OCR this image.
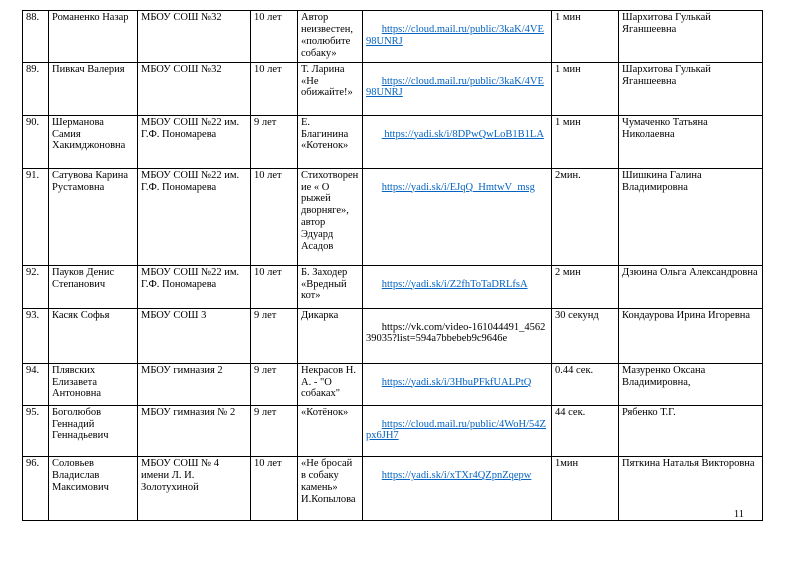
88.	Романенко Назар	МБОУ СОШ №32	10 лет	Автор неизвестен, «полюбите собаку»	https://cloud.mail.ru/public/3kaK/4VE98UNRJ	1 мин	Шархитова Гулькай Яганшеевна
89.	Пивкач Валерия	МБОУ СОШ №32	10 лет	Т. Ларина «Не обижайте!»	https://cloud.mail.ru/public/3kaK/4VE98UNRJ	1 мин	Шархитова Гулькай Яганшеевна
90.	Шерманова Самия Хакимджоновна	МБОУ СОШ №22 им. Г.Ф. Пономарева	9 лет	Е. Благинина «Котенок»	https://yadi.sk/i/8DPwQwLoB1B1LA	1 мин	Чумаченко Татьяна Николаевна
91.	Сатувова Карина Рустамовна	МБОУ СОШ №22 им. Г.Ф. Пономарева	10 лет	Стихотворение « О рыжей дворняге», автор Эдуард Асадов	https://yadi.sk/i/EJqQ_HmtwV_msg	2мин.	Шишкина Галина Владимировна
92.	Пауков Денис Степанович	МБОУ СОШ №22 им. Г.Ф. Пономарева	10 лет	Б. Заходер «Вредный кот»	https://yadi.sk/i/Z2fhToTaDRLfsA	2 мин	Дзюина Ольга Александровна
93.	Касяк Софья	МБОУ СОШ 3	9 лет	Дикарка	https://vk.com/video-161044491_456239035?list=594a7bbebeb9c9646e	30 секунд	Кондаурова Ирина Игоревна
94.	Плявских Елизавета Антоновна	МБОУ гимназия 2	9 лет	Некрасов Н. А. - "О собаках"	https://yadi.sk/i/3HbuPFkfUALPtQ	0.44 сек.	Мазуренко Оксана Владимировна,
95.	Боголюбов Геннадий Геннадьевич	МБОУ гимназия № 2	9 лет	«Котёнок»	https://cloud.mail.ru/public/4WoH/54Zpx6JH7	44 сек.	Рябенко Т.Г.
96.	Соловьев Владислав Максимович	МБОУ СОШ № 4 имени Л. И. Золотухиной	10 лет	«Не бросай в собаку камень» И.Копылова	https://yadi.sk/i/xTXr4QZpnZqepw	1мин	Пяткина Наталья Викторовна
11
